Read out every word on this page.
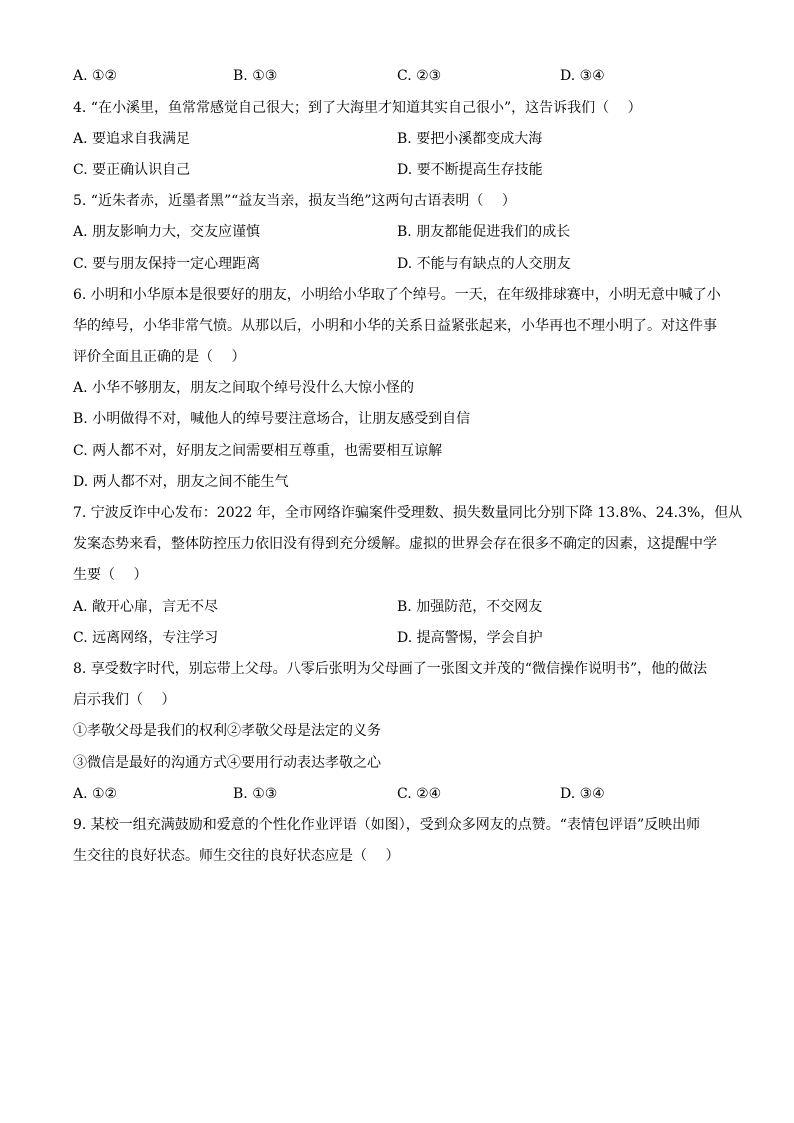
A. ①②	B. ①③	C. ②③	D. ③④
4. “在小溪里，鱼常常感觉自己很大；到了大海里才知道其实自己很小”，这告诉我们（　 ）
A. 要追求自我满足	B. 要把小溪都变成大海
C. 要正确认识自己	D. 要不断提高生存技能
5. “近朱者赤，近墨者黑”“益友当亲，损友当绝”这两句古语表明（　 ）
A. 朋友影响力大，交友应谨慎	B. 朋友都能促进我们的成长
C. 要与朋友保持一定心理距离	D. 不能与有缺点的人交朋友
6. 小明和小华原本是很要好的朋友，小明给小华取了个绰号。一天，在年级排球赛中，小明无意中喊了小
华的绰号，小华非常气愤。从那以后，小明和小华的关系日益紧张起来，小华再也不理小明了。对这件事
评价全面且正确的是（　 ）
A. 小华不够朋友，朋友之间取个绰号没什么大惊小怪的
B. 小明做得不对，喊他人的绰号要注意场合，让朋友感受到自信
C. 两人都不对，好朋友之间需要相互尊重，也需要相互谅解
D. 两人都不对，朋友之间不能生气
7. 宁波反诈中心发布：2022 年，全市网络诈骗案件受理数、损失数量同比分别下降 13.8%、24.3%，但从
发案态势来看，整体防控压力依旧没有得到充分缓解。虚拟的世界会存在很多不确定的因素，这提醒中学
生要（　 ）
A. 敞开心扉，言无不尽	B. 加强防范，不交网友
C. 远离网络，专注学习	D. 提高警惕，学会自护
8. 享受数字时代，别忘带上父母。八零后张明为父母画了一张图文并茂的“微信操作说明书”，他的做法
启示我们（　 ）
①孝敬父母是我们的权利②孝敬父母是法定的义务
③微信是最好的沟通方式④要用行动表达孝敬之心
A. ①②	B. ①③	C. ②④	D. ③④
9. 某校一组充满鼓励和爱意的个性化作业评语（如图），受到众多网友的点赞。“表情包评语”反映出师
生交往的良好状态。师生交往的良好状态应是（　 ）
